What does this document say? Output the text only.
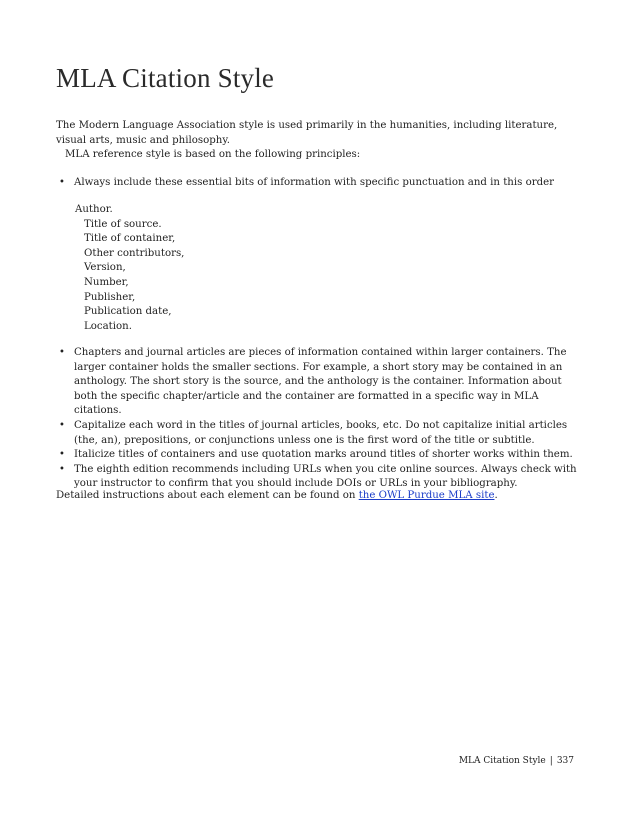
MLA Citation Style

The Modern Language Association style is used primarily in the humanities, including literature, visual arts, music and philosophy.

MLA reference style is based on the following principles:

• Always include these essential bits of information with specific punctuation and in this order
Author.
Title of source.
Title of container,
Other contributors,
Version,
Number,
Publisher,
Publication date,
Location.
• Chapters and journal articles are pieces of information contained within larger containers. The larger container holds the smaller sections. For example, a short story may be contained in an anthology. The short story is the source, and the anthology is the container. Information about both the specific chapter/article and the container are formatted in a specific way in MLA citations.
• Capitalize each word in the titles of journal articles, books, etc. Do not capitalize initial articles (the, an), prepositions, or conjunctions unless one is the first word of the title or subtitle.
• Italicize titles of containers and use quotation marks around titles of shorter works within them.
• The eighth edition recommends including URLs when you cite online sources. Always check with your instructor to confirm that you should include DOIs or URLs in your bibliography.

Detailed instructions about each element can be found on the OWL Purdue MLA site.

MLA Citation Style | 337
